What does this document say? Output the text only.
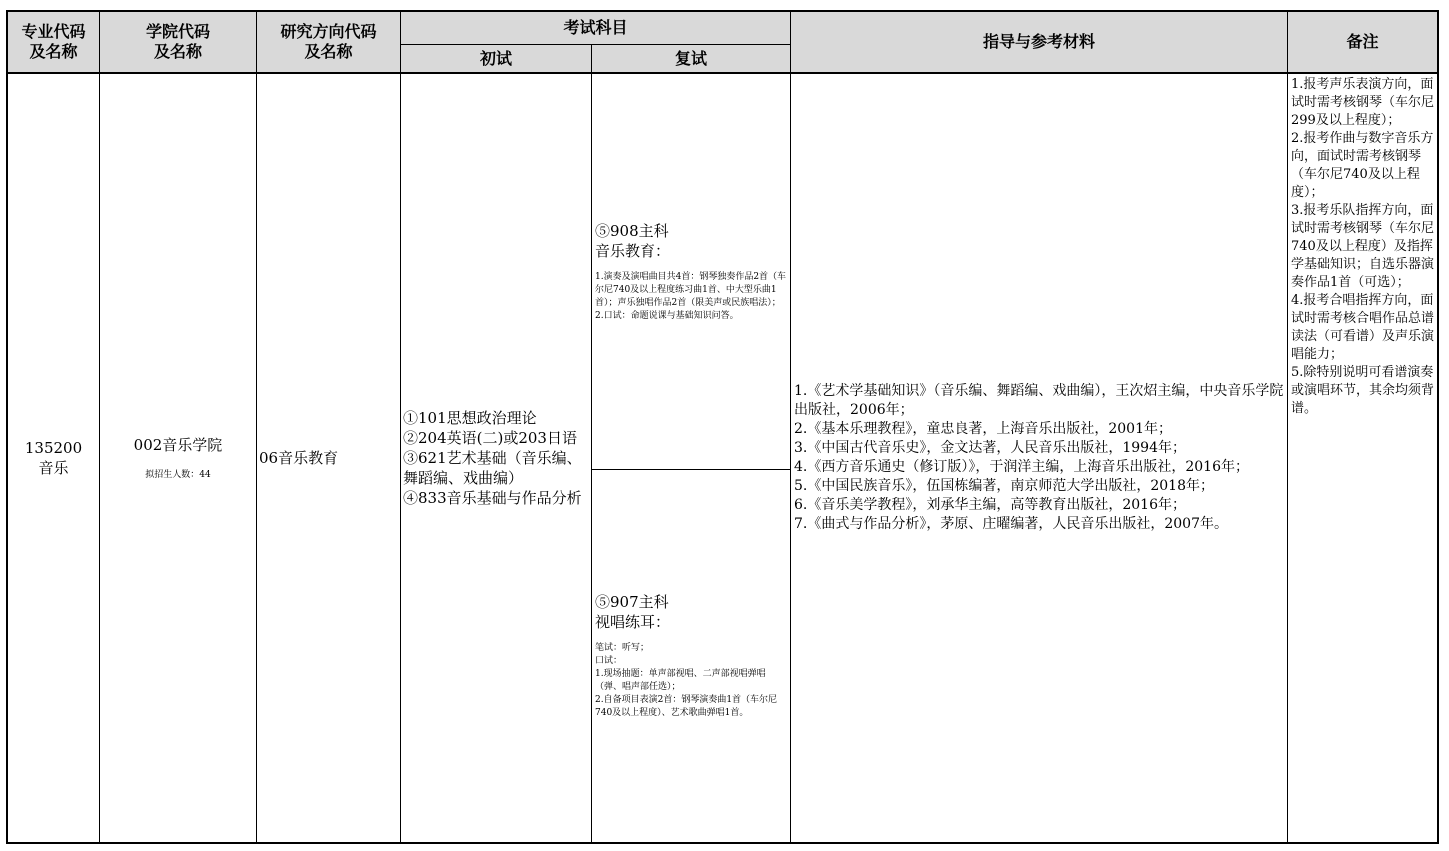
专业代码
及名称
学院代码
及名称
研究方向代码
及名称
考试科目
初试	复试
指导与参考材料	备注
135200
音乐
002音乐学院
拟招生人数：44
06音乐教育
①101思想政治理论
②204英语(二)或203日语
③621艺术基础（音乐编、舞蹈编、戏曲编）
④833音乐基础与作品分析
⑤908主科
音乐教育：
1.演奏及演唱曲目共4首：钢琴独奏作品2首（车尔尼740及以上程度练习曲1首、中大型乐曲1首）；声乐独唱作品2首（限美声或民族唱法）；
2.口试：命题说课与基础知识问答。
⑤907主科
视唱练耳：
笔试：听写；
口试：
1.现场抽题：单声部视唱、二声部视唱弹唱（弹、唱声部任选）；
2.自备项目表演2首：钢琴演奏曲1首（车尔尼740及以上程度）、艺术歌曲弹唱1首。
1.《艺术学基础知识》（音乐编、舞蹈编、戏曲编），王次炤主编，中央音乐学院出版社，2006年；
2.《基本乐理教程》，童忠良著，上海音乐出版社，2001年；
3.《中国古代音乐史》，金文达著，人民音乐出版社，1994年；
4.《西方音乐通史（修订版）》，于润洋主编，上海音乐出版社，2016年；
5.《中国民族音乐》，伍国栋编著，南京师范大学出版社，2018年；
6.《音乐美学教程》，刘承华主编，高等教育出版社，2016年；
7.《曲式与作品分析》，茅原、庄曜编著，人民音乐出版社，2007年。
1.报考声乐表演方向，面试时需考核钢琴（车尔尼299及以上程度）；
2.报考作曲与数字音乐方向，面试时需考核钢琴（车尔尼740及以上程度）；
3.报考乐队指挥方向，面试时需考核钢琴（车尔尼740及以上程度）及指挥学基础知识；自选乐器演奏作品1首（可选）；
4.报考合唱指挥方向，面试时需考核合唱作品总谱读法（可看谱）及声乐演唱能力；
5.除特别说明可看谱演奏或演唱环节，其余均须背谱。
